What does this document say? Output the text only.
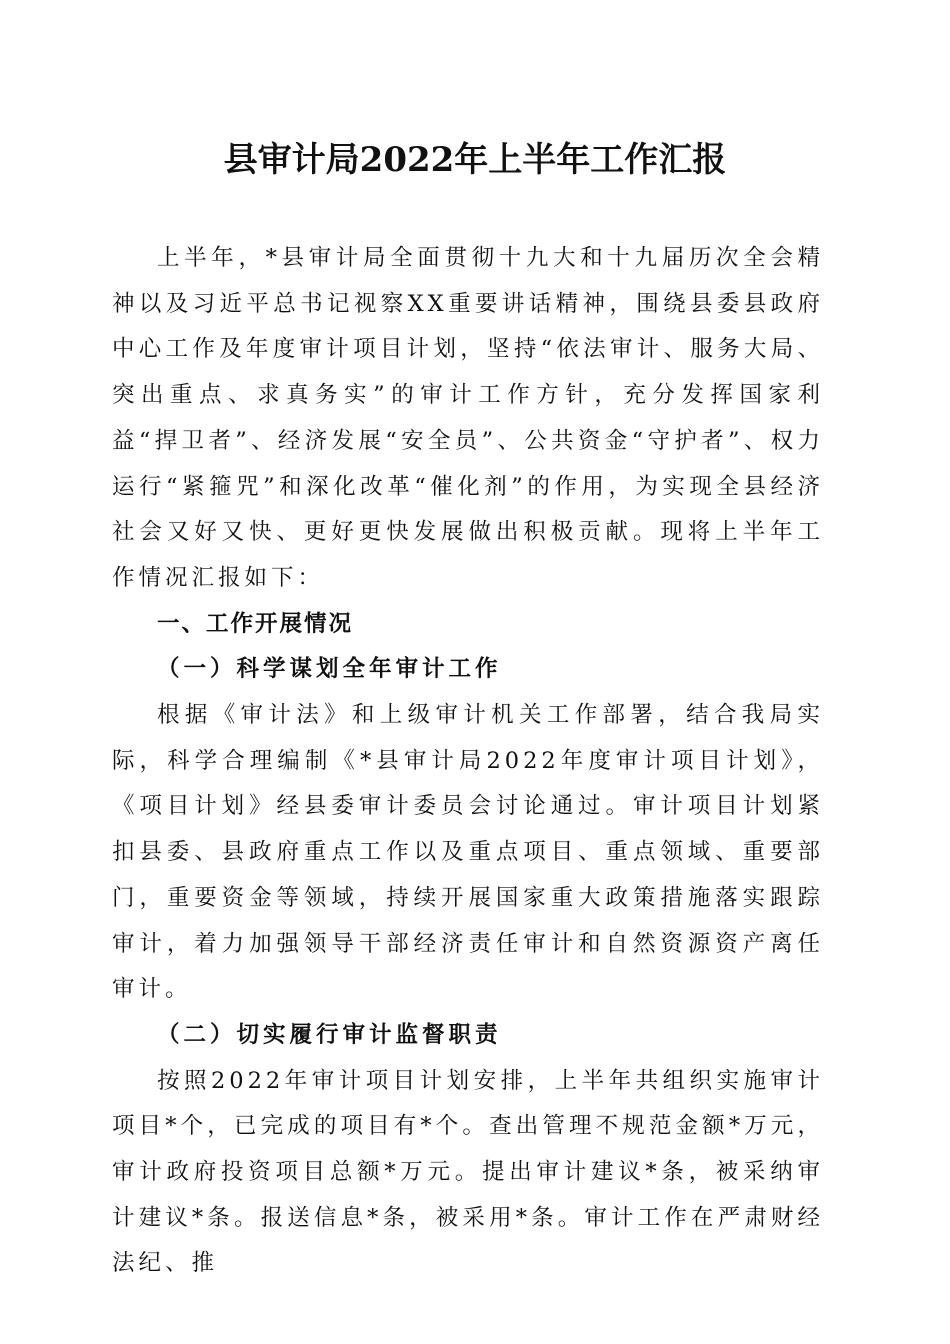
县审计局2022年上半年工作汇报

上半年，*县审计局全面贯彻十九大和十九届历次全会精神以及习近平总书记视察XX重要讲话精神，围绕县委县政府中心工作及年度审计项目计划，坚持“依法审计、服务大局、突出重点、求真务实”的审计工作方针，充分发挥国家利益“捍卫者”、经济发展“安全员”、公共资金“守护者”、权力运行“紧箍咒”和深化改革“催化剂”的作用，为实现全县经济社会又好又快、更好更快发展做出积极贡献。现将上半年工作情况汇报如下：

一、工作开展情况

（一）科学谋划全年审计工作

根据《审计法》和上级审计机关工作部署，结合我局实际，科学合理编制《*县审计局2022年度审计项目计划》，《项目计划》经县委审计委员会讨论通过。审计项目计划紧扣县委、县政府重点工作以及重点项目、重点领域、重要部门，重要资金等领域，持续开展国家重大政策措施落实跟踪审计，着力加强领导干部经济责任审计和自然资源资产离任审计。

（二）切实履行审计监督职责

按照2022年审计项目计划安排，上半年共组织实施审计项目*个，已完成的项目有*个。查出管理不规范金额*万元，审计政府投资项目总额*万元。提出审计建议*条，被采纳审计建议*条。报送信息*条，被采用*条。审计工作在严肃财经法纪、推
